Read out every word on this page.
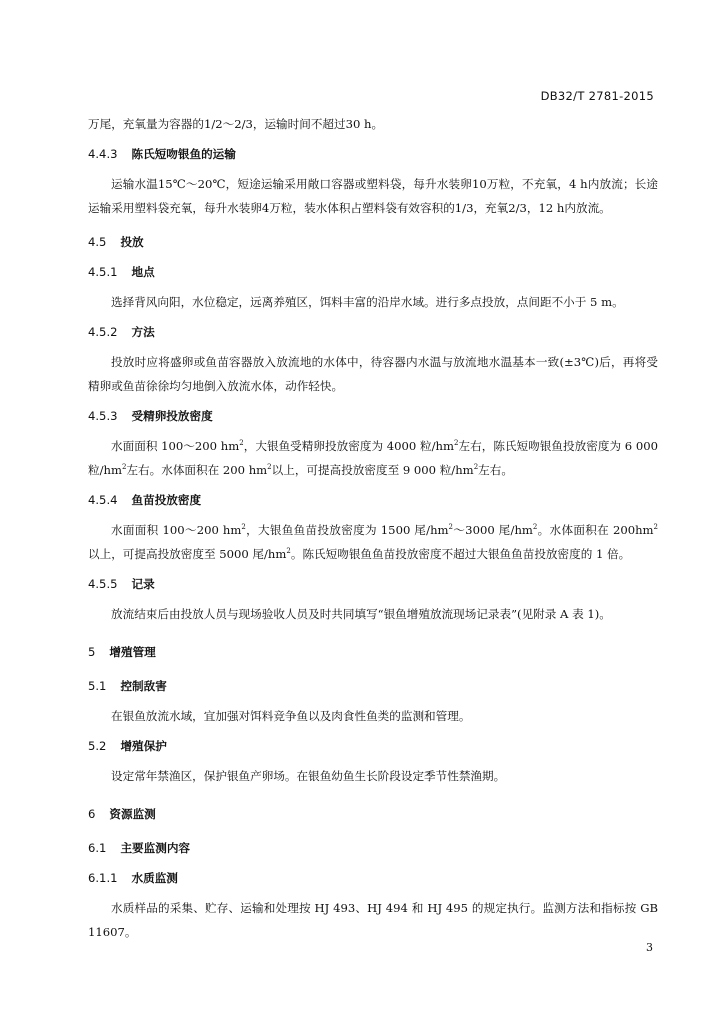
DB32/T 2781-2015

万尾，充氧量为容器的1/2～2/3，运输时间不超过30 h。

4.4.3 陈氏短吻银鱼的运输

运输水温15℃～20℃，短途运输采用敞口容器或塑料袋，每升水装卵10万粒，不充氧，4 h内放流；长途运输采用塑料袋充氧，每升水装卵4万粒，装水体积占塑料袋有效容积的1/3，充氧2/3，12 h内放流。

4.5 投放

4.5.1 地点

选择背风向阳，水位稳定，远离养殖区，饵料丰富的沿岸水域。进行多点投放，点间距不小于 5 m。

4.5.2 方法

投放时应将盛卵或鱼苗容器放入放流地的水体中，待容器内水温与放流地水温基本一致(±3℃)后，再将受精卵或鱼苗徐徐均匀地倒入放流水体，动作轻快。

4.5.3 受精卵投放密度

水面面积 100～200 $hm^2$，大银鱼受精卵投放密度为 4000 粒$/hm^2$左右，陈氏短吻银鱼投放密度为 6 000 粒$/hm^2$左右。水体面积在 200 $hm^2$以上，可提高投放密度至 9 000 粒$/hm^2$左右。

4.5.4 鱼苗投放密度

水面面积 100～200 $hm^2$，大银鱼鱼苗投放密度为 1500 尾$/hm^2\sim 3000$ 尾$/hm^2$。水体面积在 $200hm^2$以上，可提高投放密度至 5000 尾$/hm^2$。陈氏短吻银鱼鱼苗投放密度不超过大银鱼鱼苗投放密度的 1 倍。

4.5.5 记录

放流结束后由投放人员与现场验收人员及时共同填写“银鱼增殖放流现场记录表”(见附录 A 表 1)。

5 增殖管理

5.1 控制敌害

在银鱼放流水域，宜加强对饵料竞争鱼以及肉食性鱼类的监测和管理。

5.2 增殖保护

设定常年禁渔区，保护银鱼产卵场。在银鱼幼鱼生长阶段设定季节性禁渔期。

6 资源监测

6.1 主要监测内容

6.1.1 水质监测

水质样品的采集、贮存、运输和处理按 HJ 493、HJ 494 和 HJ 495 的规定执行。监测方法和指标按 GB 11607。

3
